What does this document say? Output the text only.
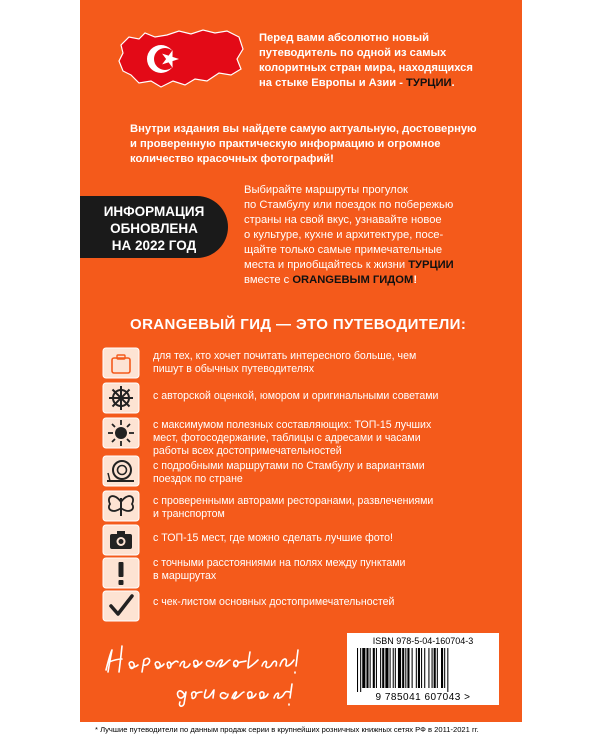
Перед вами абсолютно новый
путеводитель по одной из самых
колоритных стран мира, находящихся
на стыке Европы и Азии - ТУРЦИИ.
Внутри издания вы найдете самую актуальную, достоверную
и проверенную практическую информацию и огромное
количество красочных фотографий!
ИНФОРМАЦИЯ
ОБНОВЛЕНА
НА 2022 ГОД
Выбирайте маршруты прогулок
по Стамбулу или поездок по побережью
страны на свой вкус, узнавайте новое
о культуре, кухне и архитектуре, посе-
щайте только самые примечательные
места и приобщайтесь к жизни ТУРЦИИ
вместе с ORANGEВЫМ ГИДОМ!
ORANGEВЫЙ ГИД — ЭТО ПУТЕВОДИТЕЛИ:
для тех, кто хочет почитать интересного больше, чем
пишут в обычных путеводителях
с авторской оценкой, юмором и оригинальными советами
с максимумом полезных составляющих: ТОП-15 лучших
мест, фотосодержание, таблицы с адресами и часами
работы всех достопримечательностей
с подробными маршрутами по Стамбулу и вариантами
поездок по стране
с проверенными авторами ресторанами, развлечениями
и транспортом
с ТОП-15 мест, где можно сделать лучшие фото!
с точными расстояниями на полях между пунктами
в маршрутах
с чек-листом основных достопримечательностей
ISBN 978-5-04-160704-3
9 785041 607043 >
* Лучшие путеводители по данным продаж серии в крупнейших розничных книжных сетях РФ в 2011-2021 гг.
